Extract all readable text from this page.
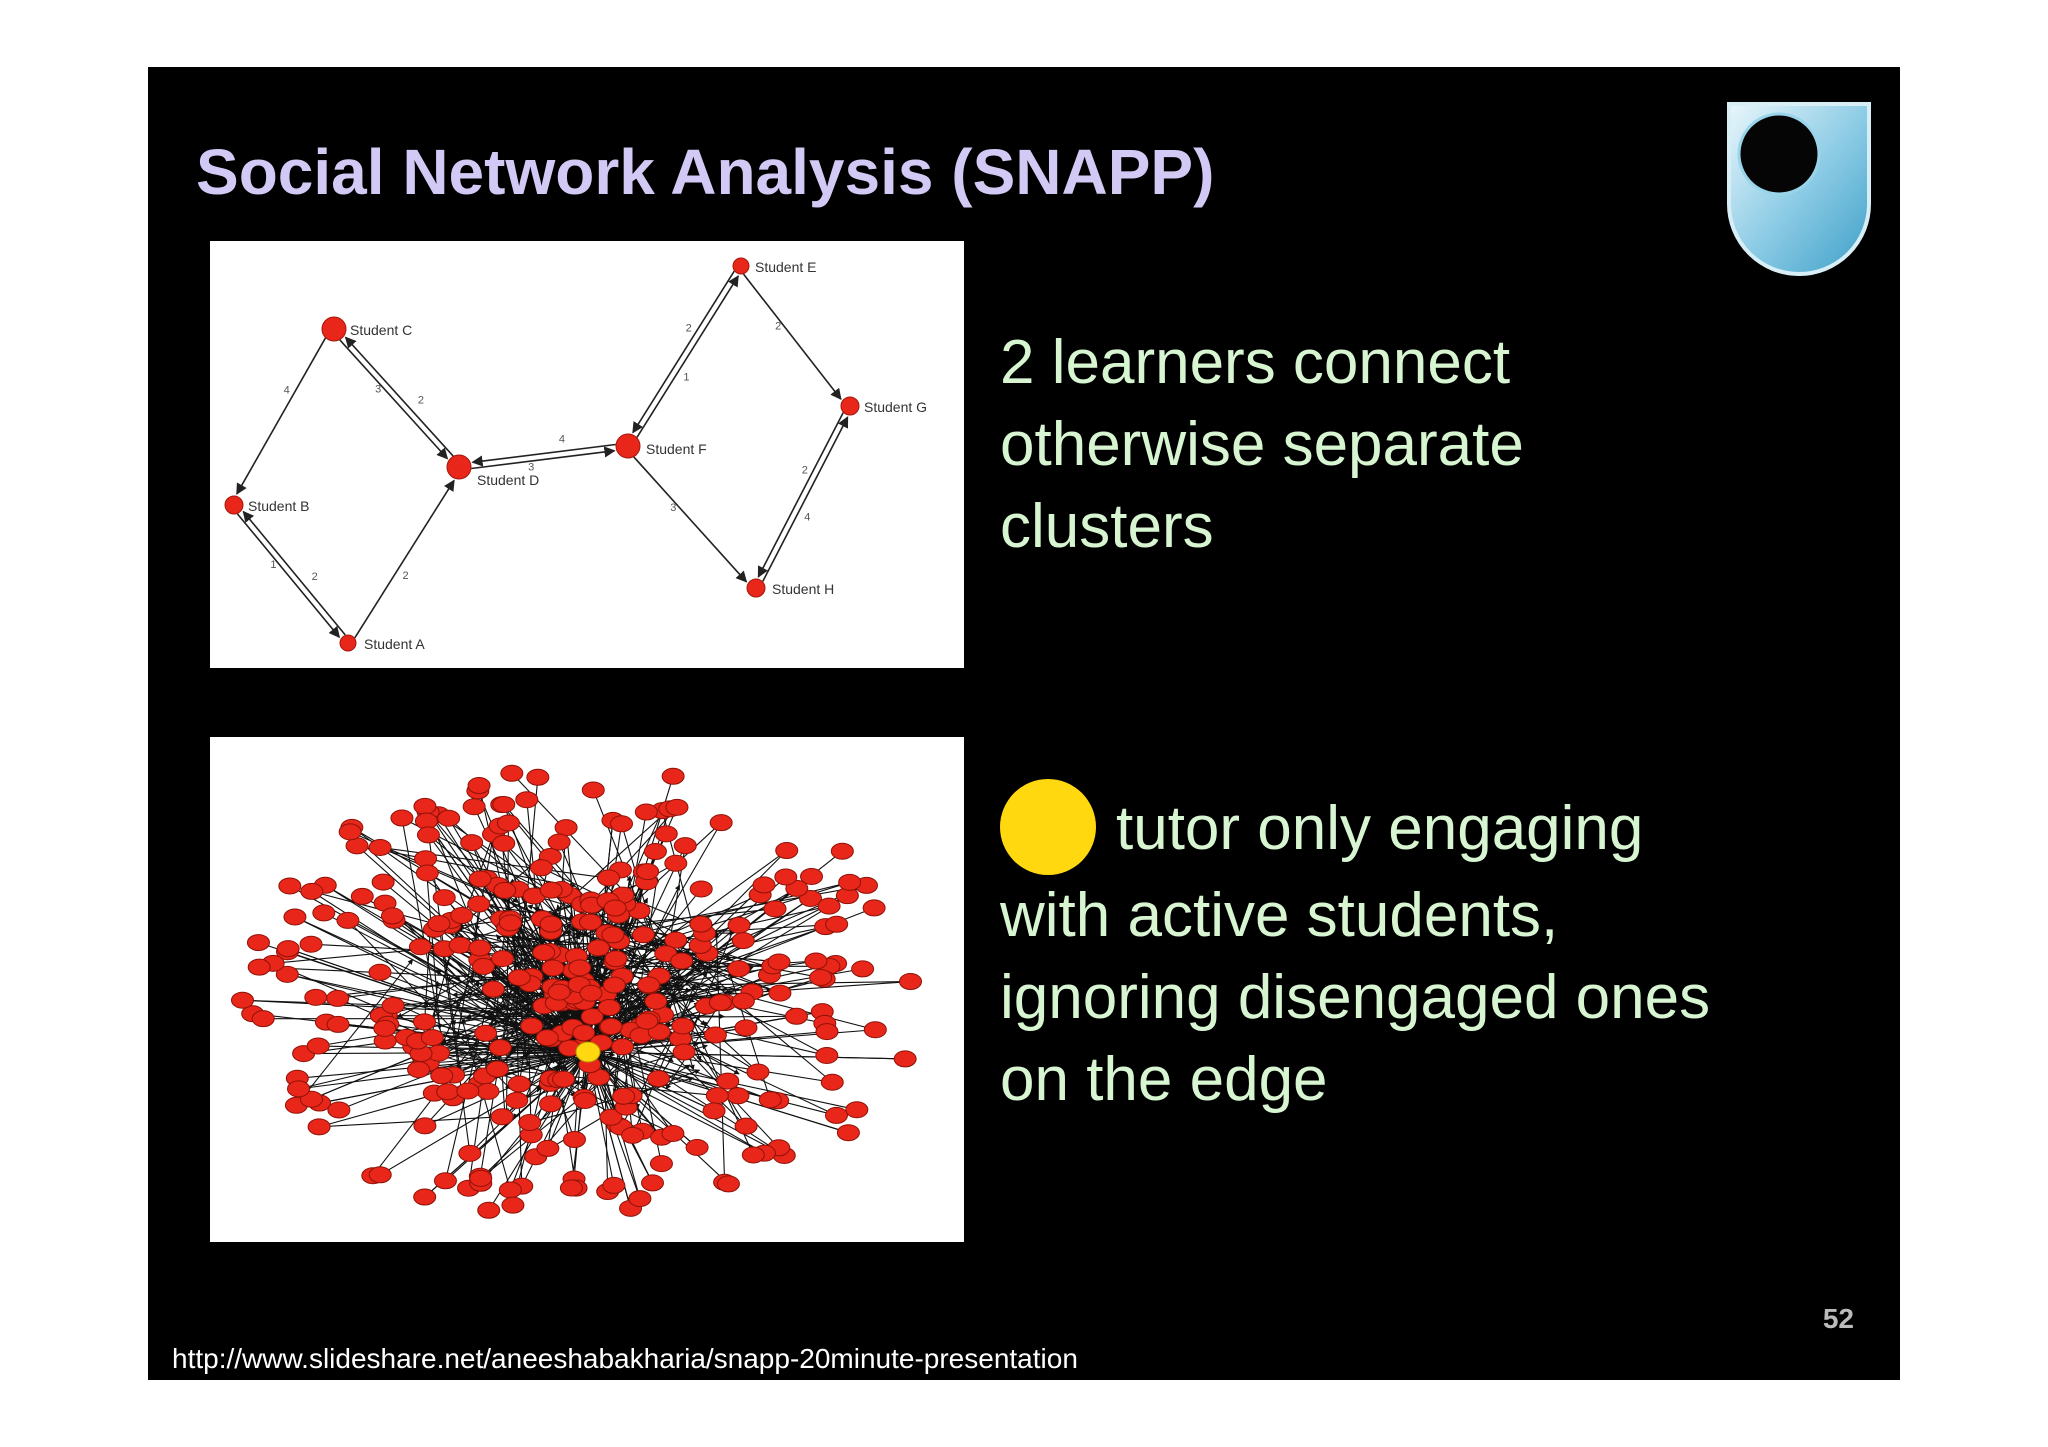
Social Network Analysis (SNAPP)
4	3
2
1
2	2
3
4
1
2	2
2
4
3
Student C
Student B
Student A
Student D
Student F
Student E
Student G
Student H
2 learners connect otherwise separate clusters
tutor only engaging with active students, ignoring disengaged ones on the edge
52
http://www.slideshare.net/aneeshabakharia/snapp-20minute-presentation
